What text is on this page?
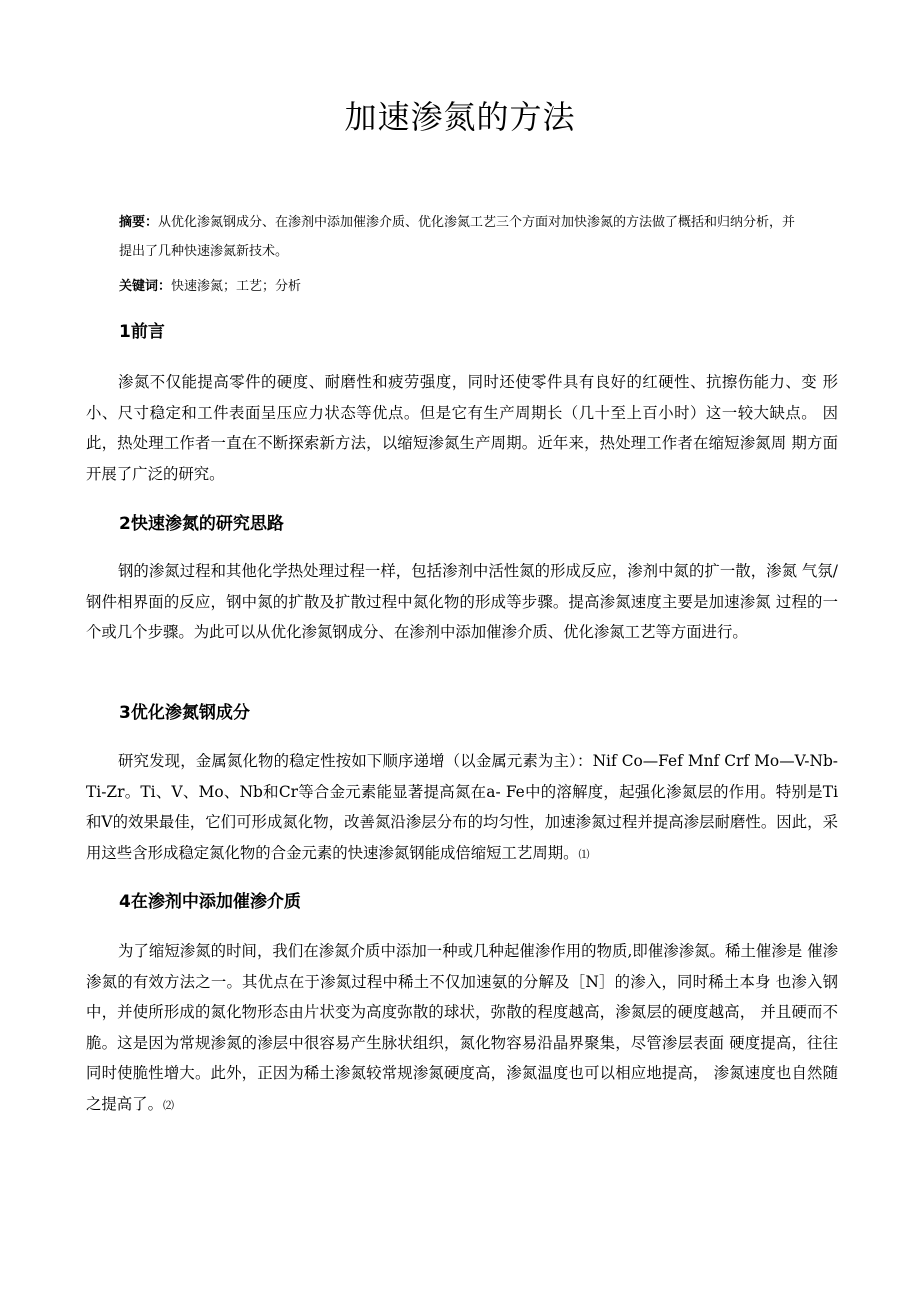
加速渗氮的方法
摘要：从优化渗氮钢成分、在渗剂中添加催渗介质、优化渗氮工艺三个方面对加快渗氮的方法做了概括和归纳分析，并提出了几种快速渗氮新技术。
关键词：快速渗氮；工艺；分析
1前言
渗氮不仅能提高零件的硬度、耐磨性和疲劳强度，同时还使零件具有良好的红硬性、抗擦伤能力、变 形小、尺寸稳定和工件表面呈压应力状态等优点。但是它有生产周期长（几十至上百小时）这一较大缺点。 因此，热处理工作者一直在不断探索新方法，以缩短渗氮生产周期。近年来，热处理工作者在缩短渗氮周 期方面开展了广泛的研究。
2快速渗氮的研究思路
钢的渗氮过程和其他化学热处理过程一样，包括渗剂中活性氮的形成反应，渗剂中氮的扩一散，渗氮 气氛/钢件相界面的反应，钢中氮的扩散及扩散过程中氮化物的形成等步骤。提高渗氮速度主要是加速渗氮 过程的一个或几个步骤。为此可以从优化渗氮钢成分、在渗剂中添加催渗介质、优化渗氮工艺等方面进行。
3优化渗氮钢成分
研究发现，金属氮化物的稳定性按如下顺序递增（以金属元素为主）：Nif Co—Fef Mnf Crf Mo—V-Nb-Ti-Zr。Ti、V、Mo、Nb和Cr等合金元素能显著提高氮在a- Fe中的溶解度，起强化渗氮层的作用。特别是Ti和V的效果最佳，它们可形成氮化物，改善氮沿渗层分布的均匀性，加速渗氮过程并提高渗层耐磨性。因此，采用这些含形成稳定氮化物的合金元素的快速渗氮钢能成倍缩短工艺周期。⑴
4在渗剂中添加催渗介质
为了缩短渗氮的时间，我们在渗氮介质中添加一种或几种起催渗作用的物质,即催渗渗氮。稀土催渗是 催渗渗氮的有效方法之一。其优点在于渗氮过程中稀土不仅加速氨的分解及［N］的渗入，同时稀土本身 也渗入钢中，并使所形成的氮化物形态由片状变为高度弥散的球状，弥散的程度越高，渗氮层的硬度越高， 并且硬而不脆。这是因为常规渗氮的渗层中很容易产生脉状组织，氮化物容易沿晶界聚集，尽管渗层表面 硬度提高，往往同时使脆性增大。此外，正因为稀土渗氮较常规渗氮硬度高，渗氮温度也可以相应地提高， 渗氮速度也自然随之提高了。⑵
